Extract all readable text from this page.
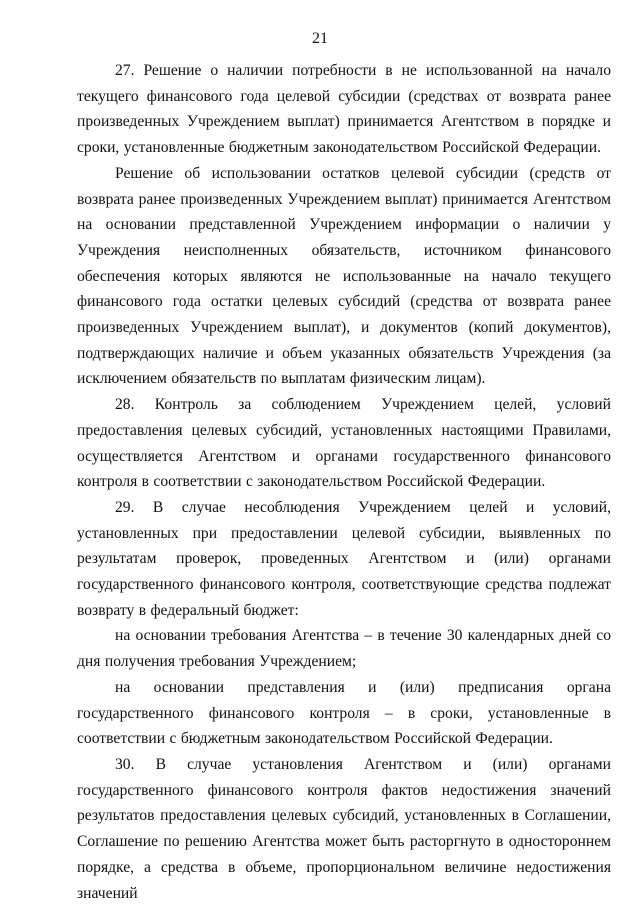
21

27. Решение о наличии потребности в не использованной на начало текущего финансового года целевой субсидии (средствах от возврата ранее произведенных Учреждением выплат) принимается Агентством в порядке и сроки, установленные бюджетным законодательством Российской Федерации.

Решение об использовании остатков целевой субсидии (средств от возврата ранее произведенных Учреждением выплат) принимается Агентством на основании представленной Учреждением информации о наличии у Учреждения неисполненных обязательств, источником финансового обеспечения которых являются не использованные на начало текущего финансового года остатки целевых субсидий (средства от возврата ранее произведенных Учреждением выплат), и документов (копий документов), подтверждающих наличие и объем указанных обязательств Учреждения (за исключением обязательств по выплатам физическим лицам).

28. Контроль за соблюдением Учреждением целей, условий предоставления целевых субсидий, установленных настоящими Правилами, осуществляется Агентством и органами государственного финансового контроля в соответствии с законодательством Российской Федерации.

29. В случае несоблюдения Учреждением целей и условий, установленных при предоставлении целевой субсидии, выявленных по результатам проверок, проведенных Агентством и (или) органами государственного финансового контроля, соответствующие средства подлежат возврату в федеральный бюджет:

на основании требования Агентства – в течение 30 календарных дней со дня получения требования Учреждением;

на основании представления и (или) предписания органа государственного финансового контроля – в сроки, установленные в соответствии с бюджетным законодательством Российской Федерации.

30. В случае установления Агентством и (или) органами государственного финансового контроля фактов недостижения значений результатов предоставления целевых субсидий, установленных в Соглашении, Соглашение по решению Агентства может быть расторгнуто в одностороннем порядке, а средства в объеме, пропорциональном величине недостижения значений
